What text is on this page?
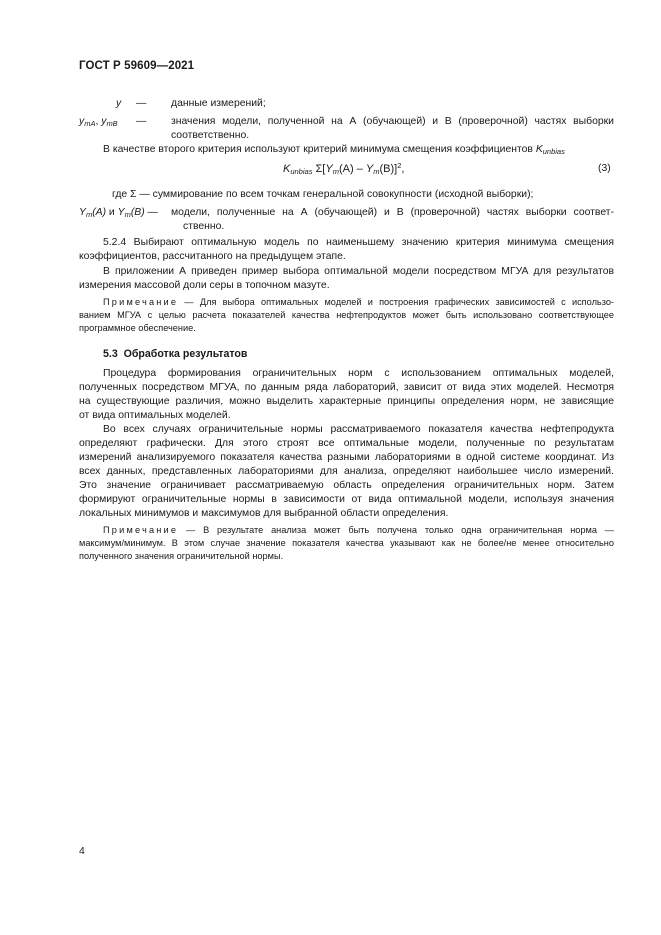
ГОСТ Р 59609—2021
y — данные измерений;
$y_{mA}$, $y_{mB}$ — значения модели, полученной на А (обучающей) и В (проверочной) частях выборки
соответственно.
В качестве второго критерия используют критерий минимума смещения коэффициентов $K_{unbias}$
$K_{unbias}$ $\Sigma[Y_m(A) - Y_m(B)]^2$,	(3)
где Σ — суммирование по всем точкам генеральной совокупности (исходной выборки);
$Y_m(A)$ и $Y_m(B)$ — модели, полученные на А (обучающей) и В (проверочной) частях выборки соответ-
ственно.
5.2.4 Выбирают оптимальную модель по наименьшему значению критерия минимума смещения
коэффициентов, рассчитанного на предыдущем этапе.
В приложении А приведен пример выбора оптимальной модели посредством МГУА для результатов
измерения массовой доли серы в топочном мазуте.
Примечание — Для выбора оптимальных моделей и построения графических зависимостей с использо-
ванием МГУА с целью расчета показателей качества нефтепродуктов может быть использовано соответствующее
программное обеспечение.
5.3 Обработка результатов
Процедура формирования ограничительных норм с использованием оптимальных моделей,
полученных посредством МГУА, по данным ряда лабораторий, зависит от вида этих моделей. Несмотря
на существующие различия, можно выделить характерные принципы определения норм, не зависящие
от вида оптимальных моделей.
Во всех случаях ограничительные нормы рассматриваемого показателя качества нефтепродукта
определяют графически. Для этого строят все оптимальные модели, полученные по результатам
измерений анализируемого показателя качества разными лабораториями в одной системе координат. Из
всех данных, представленных лабораториями для анализа, определяют наибольшее число измерений.
Это значение ограничивает рассматриваемую область определения ограничительных норм. Затем
формируют ограничительные нормы в зависимости от вида оптимальной модели, используя значения
локальных минимумов и максимумов для выбранной области определения.
Примечание — В результате анализа может быть получена только одна ограничительная норма —
максимум/минимум. В этом случае значение показателя качества указывают как не более/не менее относительно
полученного значения ограничительной нормы.
4
